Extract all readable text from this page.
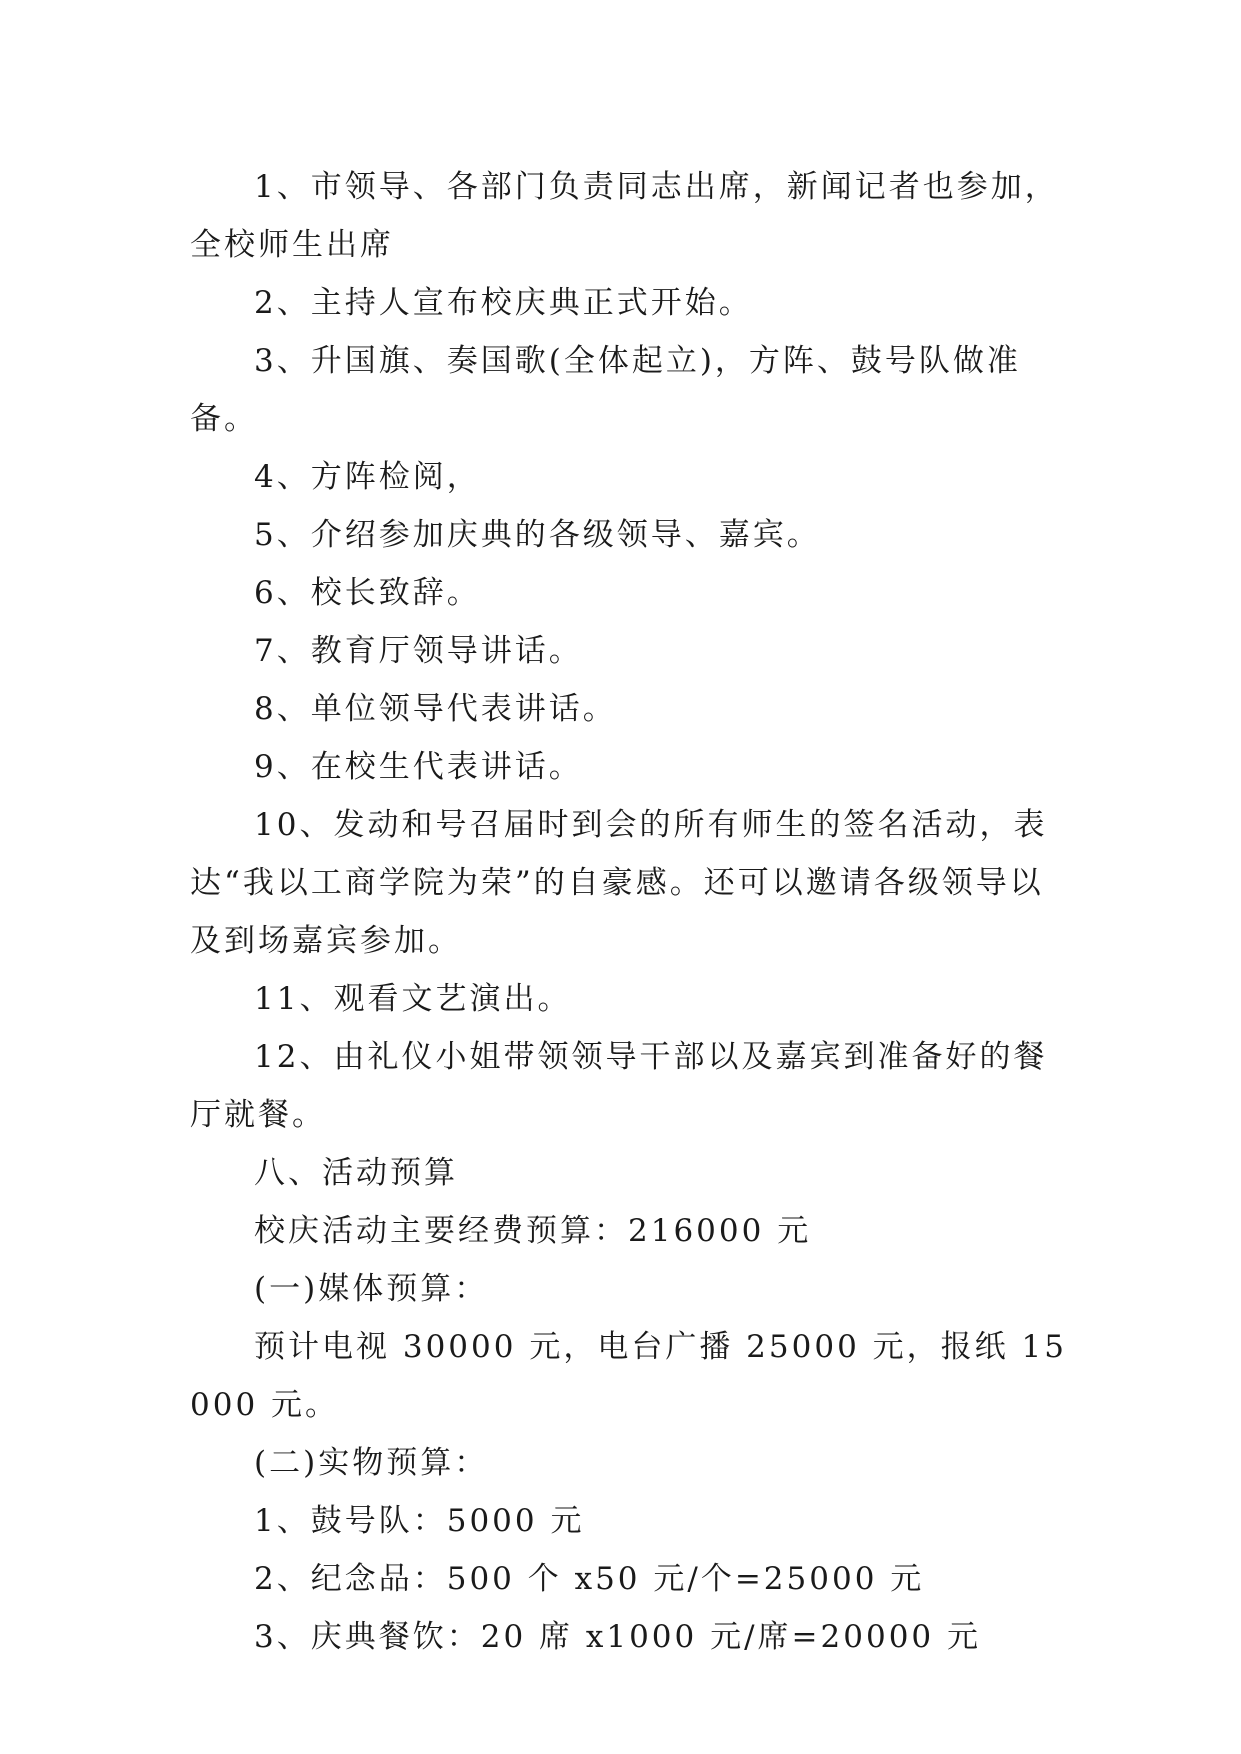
1、市领导、各部门负责同志出席，新闻记者也参加，全校师生出席

2、主持人宣布校庆典正式开始。

3、升国旗、奏国歌(全体起立)，方阵、鼓号队做准备。

4、方阵检阅，

5、介绍参加庆典的各级领导、嘉宾。

6、校长致辞。

7、教育厅领导讲话。

8、单位领导代表讲话。

9、在校生代表讲话。

10、发动和号召届时到会的所有师生的签名活动，表达“我以工商学院为荣”的自豪感。还可以邀请各级领导以及到场嘉宾参加。

11、观看文艺演出。

12、由礼仪小姐带领领导干部以及嘉宾到准备好的餐厅就餐。

八、活动预算

校庆活动主要经费预算：216000 元

(一)媒体预算：

预计电视 30000 元，电台广播 25000 元，报纸 15000 元。

(二)实物预算：

1、鼓号队：5000 元

2、纪念品：500 个 x50 元/个=25000 元

3、庆典餐饮：20 席 x1000 元/席=20000 元
